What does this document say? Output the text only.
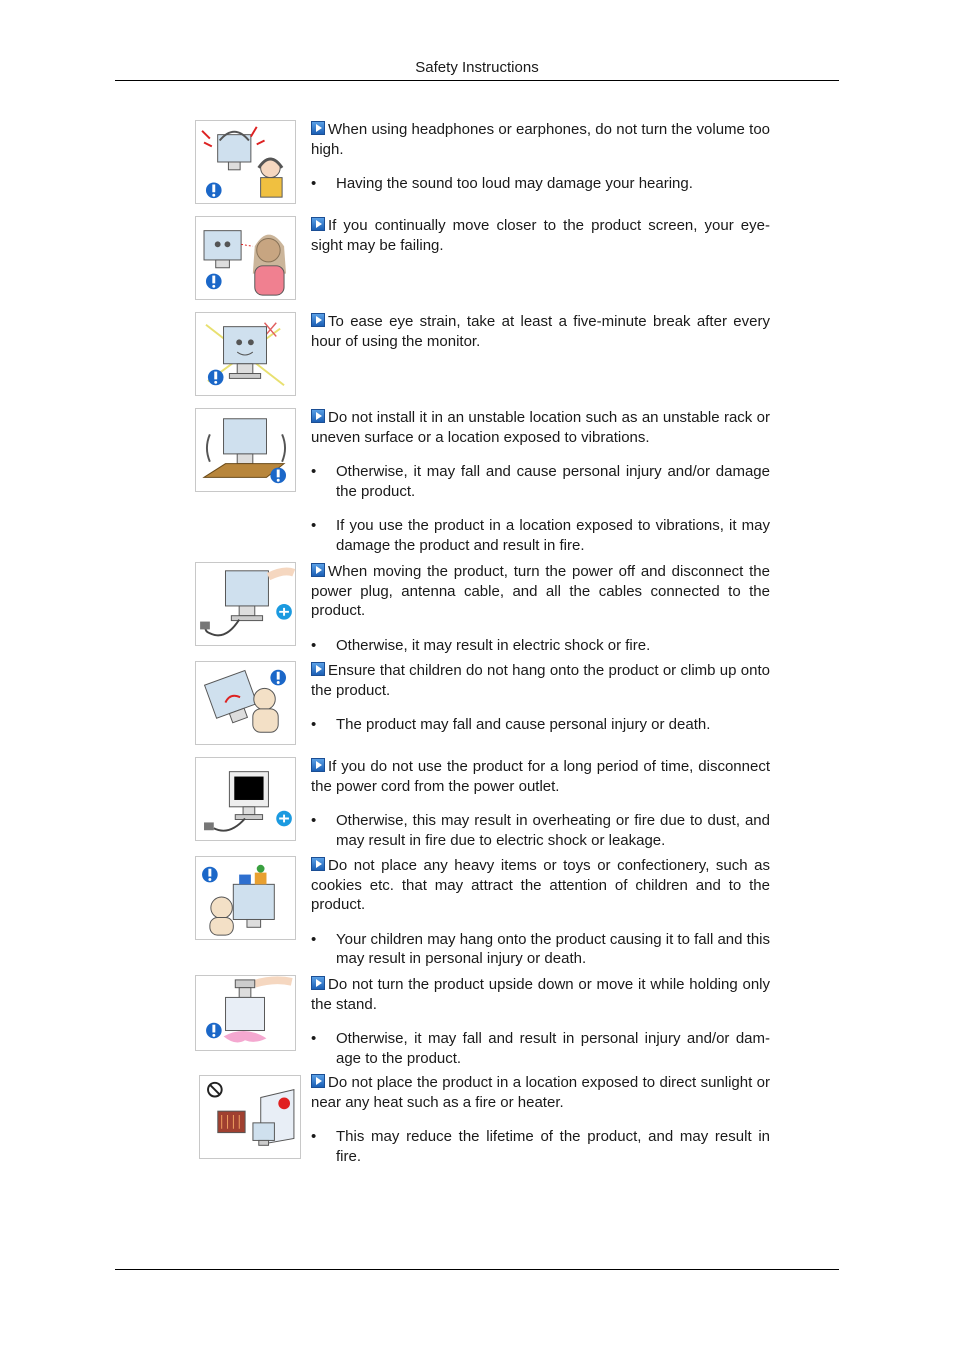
Safety Instructions

When using headphones or earphones, do not turn the volume too high.

• Having the sound too loud may damage your hearing.

If you continually move closer to the product screen, your eye-sight may be failing.

To ease eye strain, take at least a five-minute break after every hour of using the monitor.

Do not install it in an unstable location such as an unstable rack or uneven surface or a location exposed to vibrations.

• Otherwise, it may fall and cause personal injury and/or damage the product.

• If you use the product in a location exposed to vibrations, it may damage the product and result in fire.

When moving the product, turn the power off and disconnect the power plug, antenna cable, and all the cables connected to the product.

• Otherwise, it may result in electric shock or fire.

Ensure that children do not hang onto the product or climb up onto the product.

• The product may fall and cause personal injury or death.

If you do not use the product for a long period of time, disconnect the power cord from the power outlet.

• Otherwise, this may result in overheating or fire due to dust, and may result in fire due to electric shock or leakage.

Do not place any heavy items or toys or confectionery, such as cookies etc. that may attract the attention of children and to the product.

• Your children may hang onto the product causing it to fall and this may result in personal injury or death.

Do not turn the product upside down or move it while holding only the stand.

• Otherwise, it may fall and result in personal injury and/or dam-age to the product.

Do not place the product in a location exposed to direct sunlight or near any heat such as a fire or heater.

• This may reduce the lifetime of the product, and may result in fire.
